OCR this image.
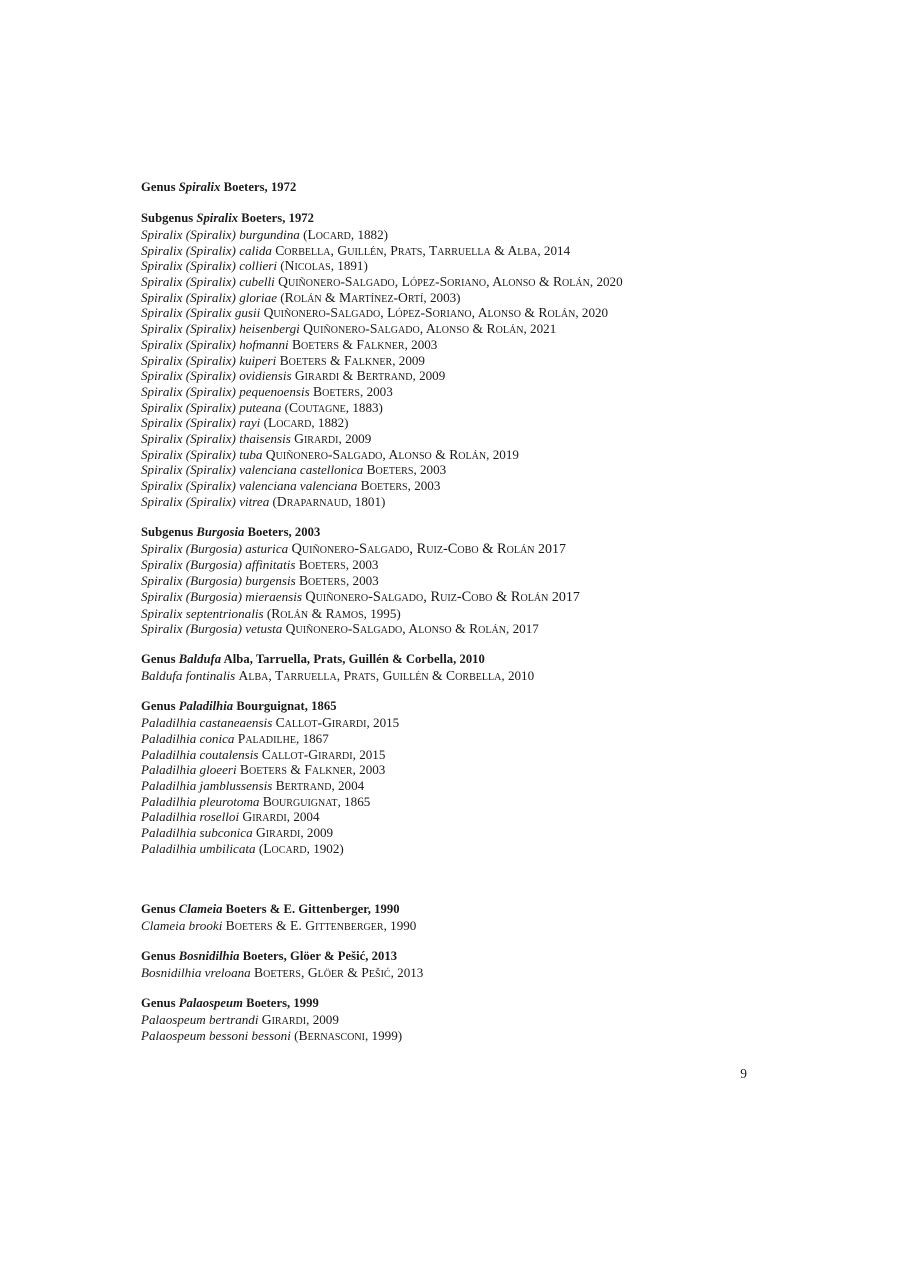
Genus Spiralix Boeters, 1972
Subgenus Spiralix Boeters, 1972
Spiralix (Spiralix) burgundina (Locard, 1882)
Spiralix (Spiralix) calida Corbella, Guillén, Prats, Tarruella & Alba, 2014
Spiralix (Spiralix) collieri (Nicolas, 1891)
Spiralix (Spiralix) cubelli Quiñonero-Salgado, López-Soriano, Alonso & Rolán, 2020
Spiralix (Spiralix) gloriae (Rolán & Martínez-Ortí, 2003)
Spiralix (Spiralix gusii Quiñonero-Salgado, López-Soriano, Alonso & Rolán, 2020
Spiralix (Spiralix) heisenbergi Quiñonero-Salgado, Alonso & Rolán, 2021
Spiralix (Spiralix) hofmanni Boeters & Falkner, 2003
Spiralix (Spiralix) kuiperi Boeters & Falkner, 2009
Spiralix (Spiralix) ovidiensis Girardi & Bertrand, 2009
Spiralix (Spiralix) pequenoensis Boeters, 2003
Spiralix (Spiralix) puteana (Coutagne, 1883)
Spiralix (Spiralix) rayi (Locard, 1882)
Spiralix (Spiralix) thaisensis Girardi, 2009
Spiralix (Spiralix) tuba Quiñonero-Salgado, Alonso & Rolán, 2019
Spiralix (Spiralix) valenciana castellonica Boeters, 2003
Spiralix (Spiralix) valenciana valenciana Boeters, 2003
Spiralix (Spiralix) vitrea (Draparnaud, 1801)
Subgenus Burgosia Boeters, 2003
Spiralix (Burgosia) asturica Quiñonero-Salgado, Ruiz-Cobo & Rolán 2017
Spiralix (Burgosia) affinitatis Boeters, 2003
Spiralix (Burgosia) burgensis Boeters, 2003
Spiralix (Burgosia) mieraensis Quiñonero-Salgado, Ruiz-Cobo & Rolán 2017
Spiralix septentrionalis (Rolán & Ramos, 1995)
Spiralix (Burgosia) vetusta Quiñonero-Salgado, Alonso & Rolán, 2017
Genus Baldufa Alba, Tarruella, Prats, Guillén & Corbella, 2010
Baldufa fontinalis Alba, Tarruella, Prats, Guillén & Corbella, 2010
Genus Paladilhia Bourguignat, 1865
Paladilhia castaneaensis Callot-Girardi, 2015
Paladilhia conica Paladilhe, 1867
Paladilhia coutalensis Callot-Girardi, 2015
Paladilhia gloeeri Boeters & Falkner, 2003
Paladilhia jamblussensis Bertrand, 2004
Paladilhia pleurotoma Bourguignat, 1865
Paladilhia roselloi Girardi, 2004
Paladilhia subconica Girardi, 2009
Paladilhia umbilicata (Locard, 1902)
Genus Clameia Boeters & E. Gittenberger, 1990
Clameia brooki Boeters & E. Gittenberger, 1990
Genus Bosnidilhia Boeters, Glöer & Pešić, 2013
Bosnidilhia vreloana Boeters, Glöer & Pešić, 2013
Genus Palaospeum Boeters, 1999
Palaospeum bertrandi Girardi, 2009
Palaospeum bessoni bessoni (Bernasconi, 1999)
9
